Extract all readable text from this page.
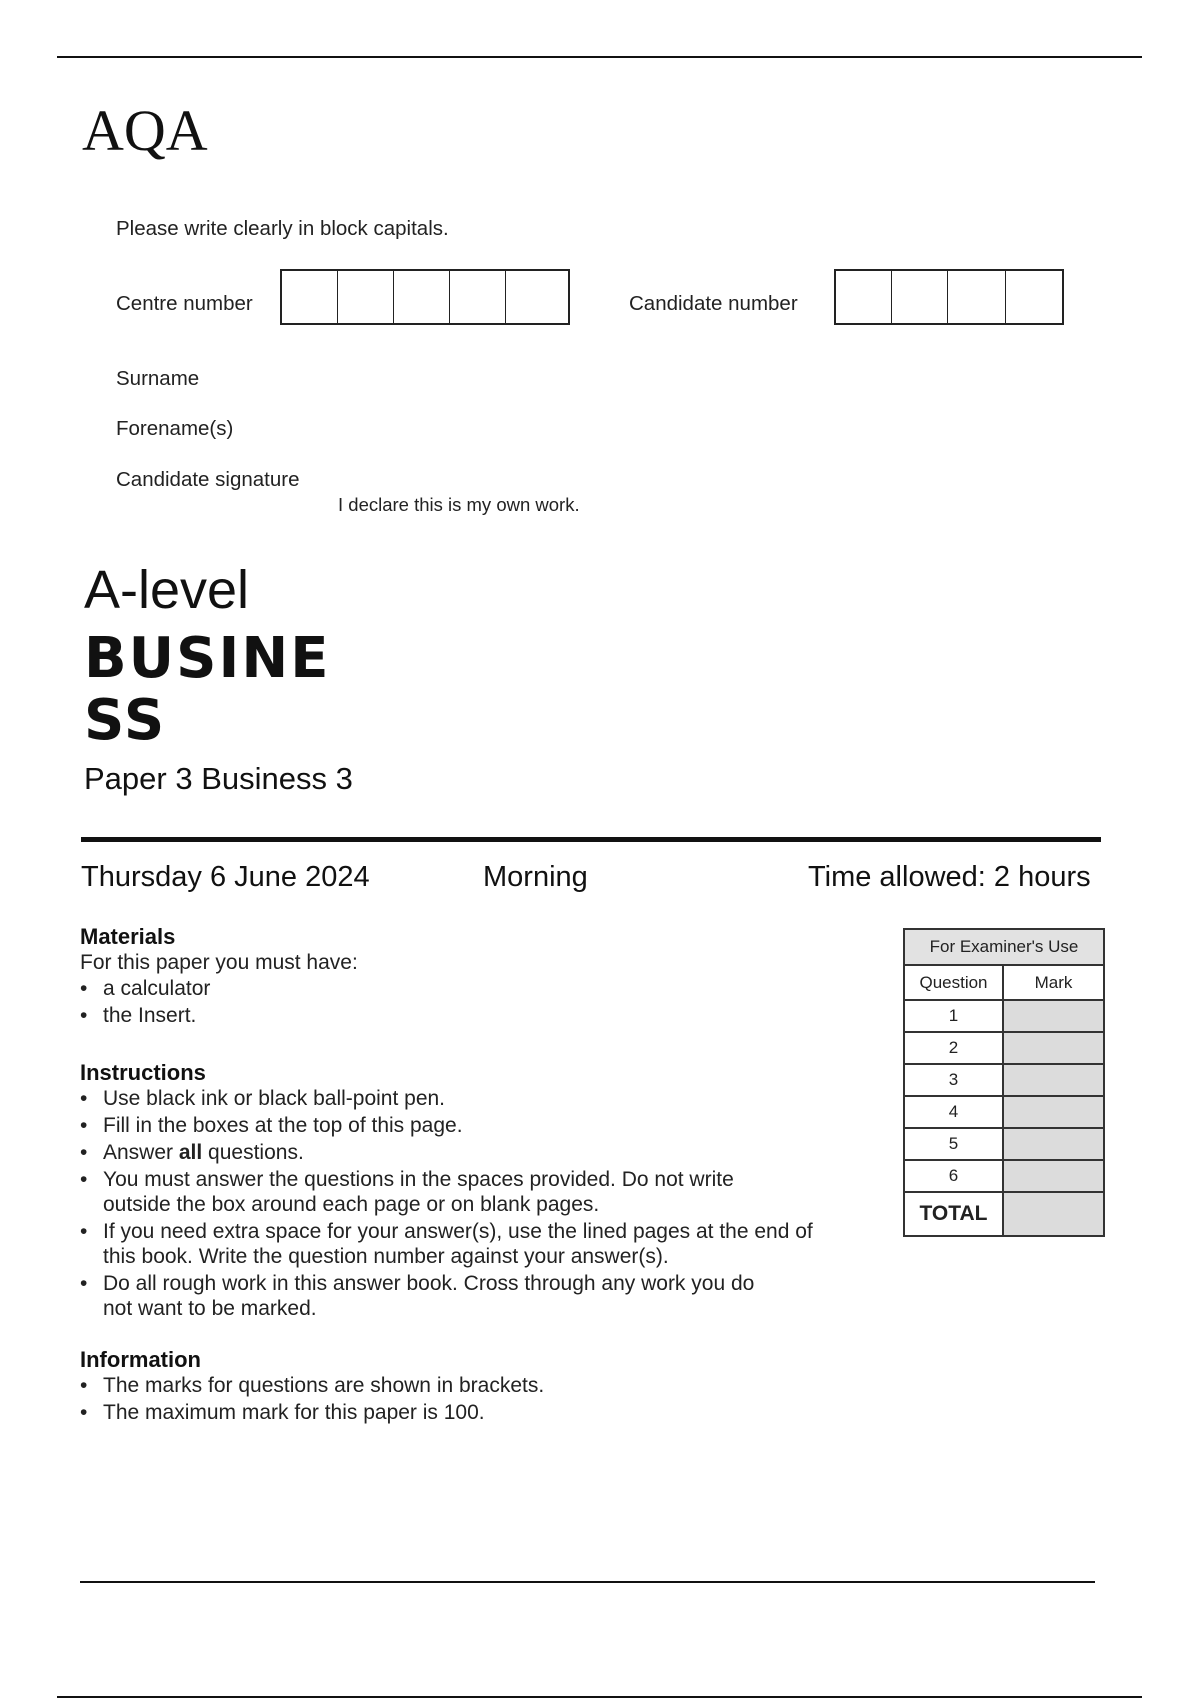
AQA
Please write clearly in block capitals.
Centre number	Candidate number
Surname
Forename(s)
Candidate signature
I declare this is my own work.
A-level
BUSINESS
Paper 3 Business 3
Thursday 6 June 2024	Morning	Time allowed: 2 hours
Materials
For this paper you must have:
• a calculator
• the Insert.
Instructions
• Use black ink or black ball-point pen.
• Fill in the boxes at the top of this page.
• Answer all questions.
• You must answer the questions in the spaces provided. Do not write
outside the box around each page or on blank pages.
• If you need extra space for your answer(s), use the lined pages at the end of
this book. Write the question number against your answer(s).
• Do all rough work in this answer book. Cross through any work you do
not want to be marked.
Information
• The marks for questions are shown in brackets.
• The maximum mark for this paper is 100.
For Examiner's Use	
Question	Mark
1	
2	
3	
4	
5	
6	
TOTAL	
